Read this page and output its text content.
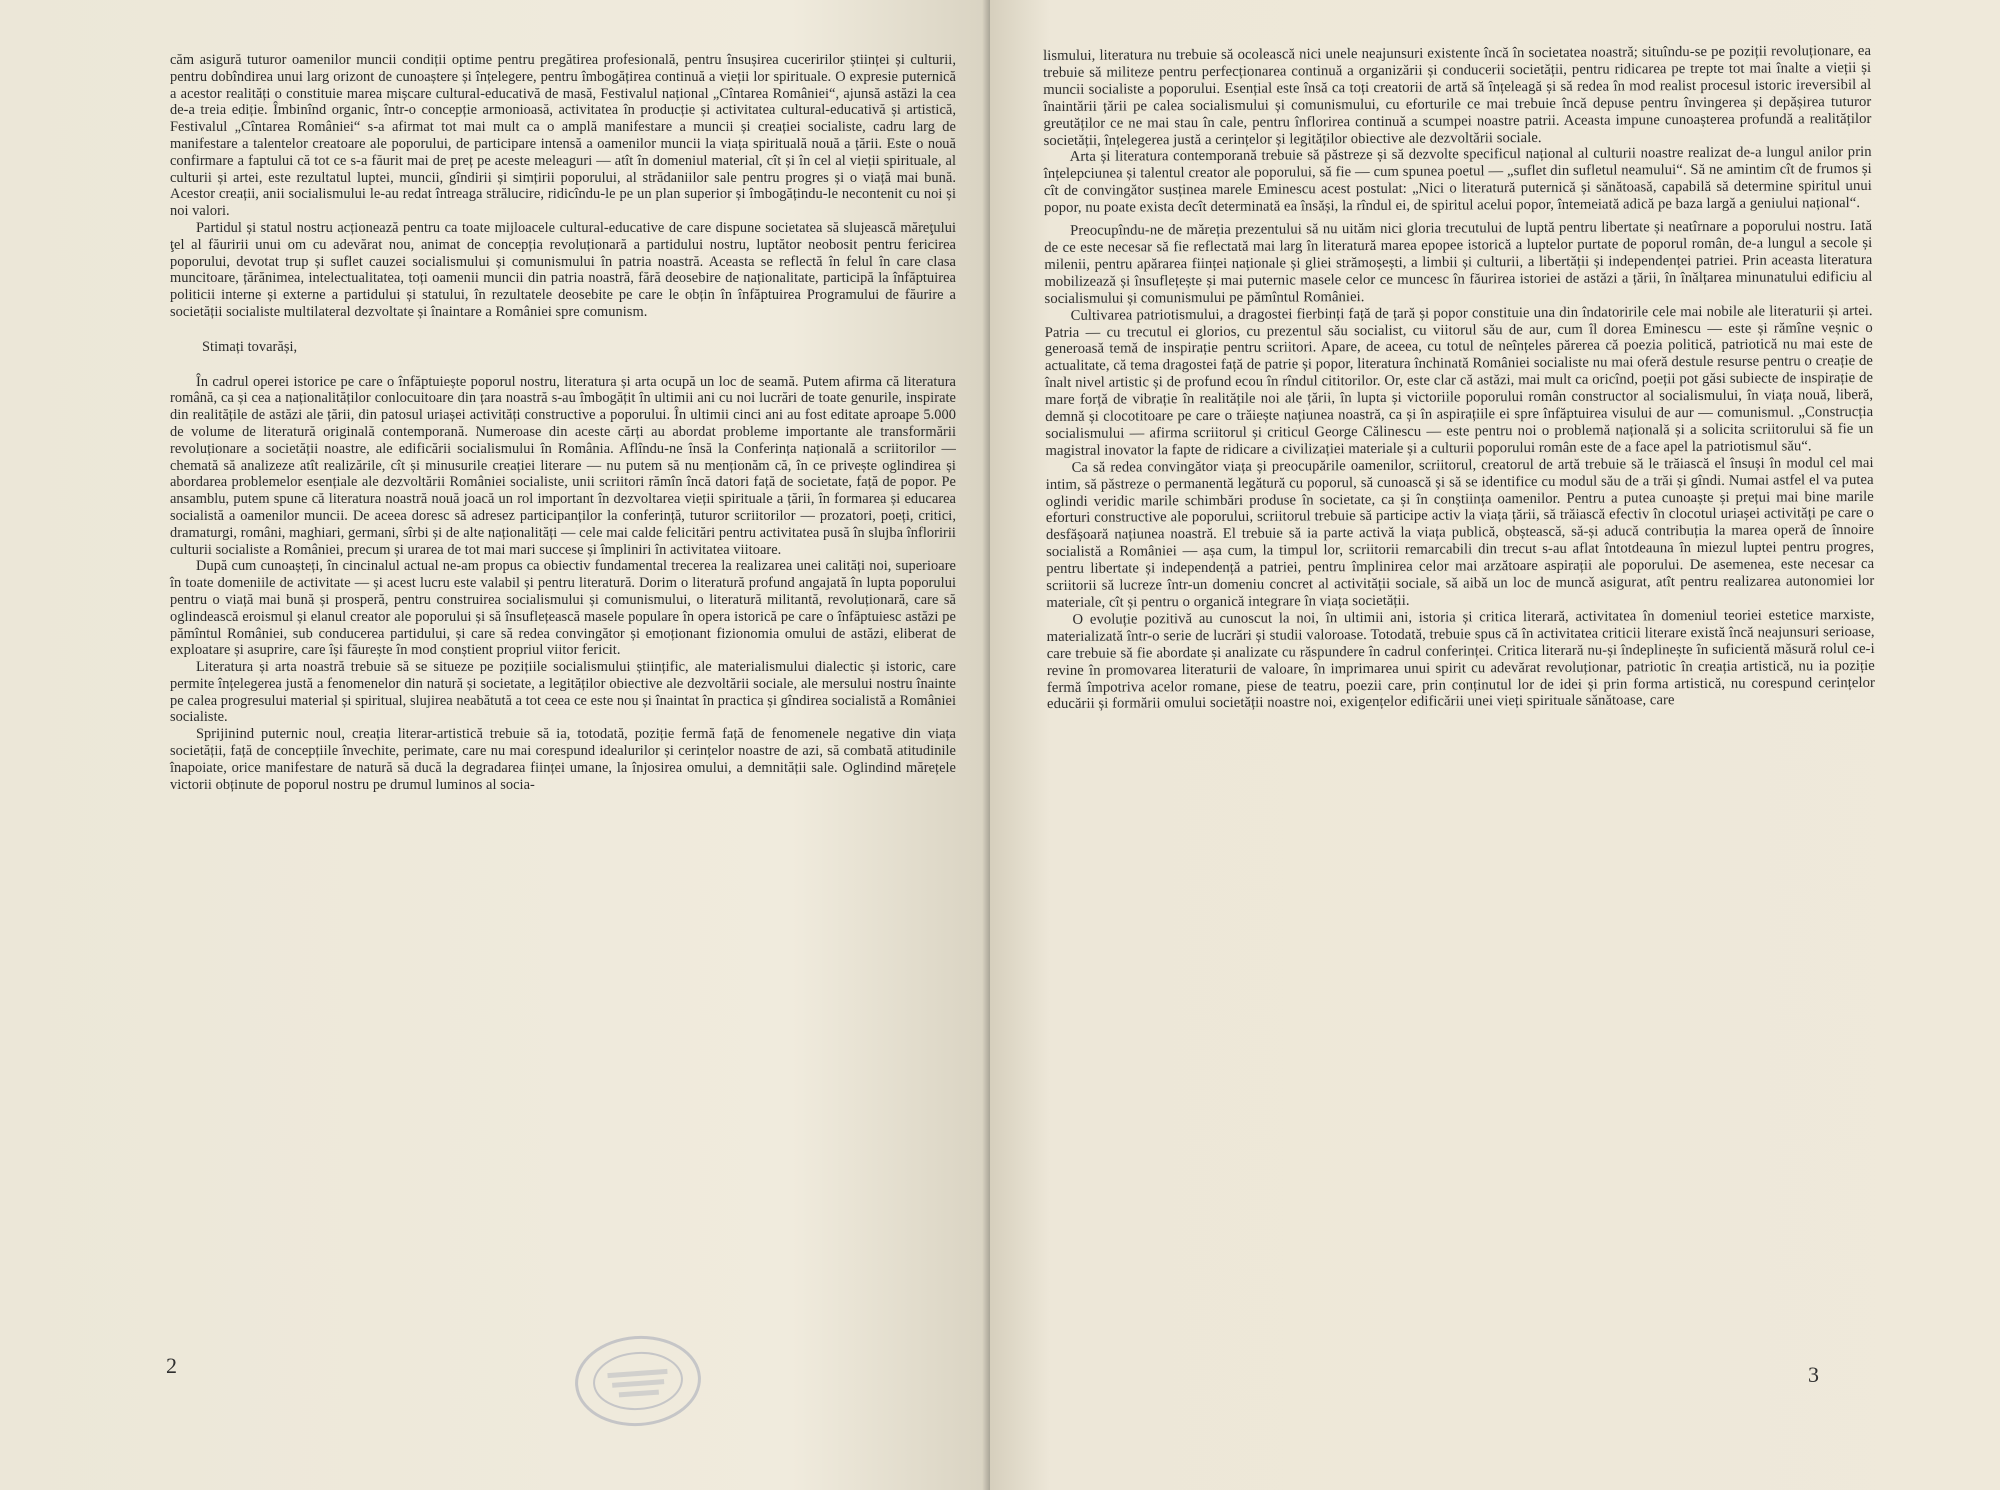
căm asigură tuturor oamenilor muncii condiții optime pentru pregătirea profesională, pentru însușirea cuceririlor științei și culturii, pentru dobîndirea unui larg orizont de cunoaștere și înțelegere, pentru îmbogățirea continuă a vieții lor spirituale. O expresie puternică a acestor realități o constituie marea mișcare cultural-educativă de masă, Festivalul național „Cîntarea României“, ajunsă astăzi la cea de-a treia ediție. Îmbinînd organic, într-o concepție armonioasă, activitatea în producție și activitatea cultural-educativă și artistică, Festivalul „Cîntarea României“ s-a afirmat tot mai mult ca o amplă manifestare a muncii și creației socialiste, cadru larg de manifestare a talentelor creatoare ale poporului, de participare intensă a oamenilor muncii la viața spirituală nouă a țării. Este o nouă confirmare a faptului că tot ce s-a făurit mai de preț pe aceste meleaguri — atît în domeniul material, cît și în cel al vieții spirituale, al culturii și artei, este rezultatul luptei, muncii, gîndirii și simțirii poporului, al strădaniilor sale pentru progres și o viață mai bună. Acestor creații, anii socialismului le-au redat întreaga strălucire, ridicîndu-le pe un plan superior și îmbogățindu-le necontenit cu noi și noi valori.

Partidul și statul nostru acționează pentru ca toate mijloacele cultural-educative de care dispune societatea să slujească măreţului ţel al făuririi unui om cu adevărat nou, animat de concepția revoluționară a partidului nostru, luptător neobosit pentru fericirea poporului, devotat trup și suflet cauzei socialismului și comunismului în patria noastră. Aceasta se reflectă în felul în care clasa muncitoare, țărănimea, intelectualitatea, toți oamenii muncii din patria noastră, fără deosebire de naționalitate, participă la înfăptuirea politicii interne și externe a partidului și statului, în rezultatele deosebite pe care le obțin în înfăptuirea Programului de făurire a societății socialiste multilateral dezvoltate și înaintare a României spre comunism.

Stimați tovarăși,

În cadrul operei istorice pe care o înfăptuiește poporul nostru, literatura și arta ocupă un loc de seamă. Putem afirma că literatura română, ca și cea a naționalităților conlocuitoare din țara noastră s-au îmbogățit în ultimii ani cu noi lucrări de toate genurile, inspirate din realitățile de astăzi ale țării, din patosul uriașei activități constructive a poporului. În ultimii cinci ani au fost editate aproape 5.000 de volume de literatură originală contemporană. Numeroase din aceste cărți au abordat probleme importante ale transformării revoluționare a societății noastre, ale edificării socialismului în România. Aflîndu-ne însă la Conferința națională a scriitorilor — chemată să analizeze atît realizările, cît și minusurile creației literare — nu putem să nu menționăm că, în ce privește oglindirea și abordarea problemelor esențiale ale dezvoltării României socialiste, unii scriitori rămîn încă datori față de societate, față de popor. Pe ansamblu, putem spune că literatura noastră nouă joacă un rol important în dezvoltarea vieții spirituale a țării, în formarea și educarea socialistă a oamenilor muncii. De aceea doresc să adresez participanților la conferință, tuturor scriitorilor — prozatori, poeți, critici, dramaturgi, români, maghiari, germani, sîrbi și de alte naționalități — cele mai calde felicitări pentru activitatea pusă în slujba înfloririi culturii socialiste a României, precum și urarea de tot mai mari succese și împliniri în activitatea viitoare.

După cum cunoașteți, în cincinalul actual ne-am propus ca obiectiv fundamental trecerea la realizarea unei calități noi, superioare în toate domeniile de activitate — și acest lucru este valabil și pentru literatură. Dorim o literatură profund angajată în lupta poporului pentru o viață mai bună și prosperă, pentru construirea socialismului și comunismului, o literatură militantă, revoluționară, care să oglindească eroismul și elanul creator ale poporului și să însuflețească masele populare în opera istorică pe care o înfăptuiesc astăzi pe pămîntul României, sub conducerea partidului, și care să redea convingător și emoționant fizionomia omului de astăzi, eliberat de exploatare și asuprire, care își făurește în mod conștient propriul viitor fericit.

Literatura și arta noastră trebuie să se situeze pe pozițiile socialismului științific, ale materialismului dialectic și istoric, care permite înțelegerea justă a fenomenelor din natură și societate, a legităților obiective ale dezvoltării sociale, ale mersului nostru înainte pe calea progresului material și spiritual, slujirea neabătută a tot ceea ce este nou și înaintat în practica și gîndirea socialistă a României socialiste.

Sprijinind puternic noul, creația literar-artistică trebuie să ia, totodată, poziție fermă față de fenomenele negative din viața societății, față de concepțiile învechite, perimate, care nu mai corespund idealurilor și cerințelor noastre de azi, să combată atitudinile înapoiate, orice manifestare de natură să ducă la degradarea ființei umane, la înjosirea omului, a demnității sale. Oglindind mărețele victorii obținute de poporul nostru pe drumul luminos al socia-

2

lismului, literatura nu trebuie să ocolească nici unele neajunsuri existente încă în societatea noastră; situîndu-se pe poziții revoluționare, ea trebuie să militeze pentru perfecționarea continuă a organizării și conducerii societății, pentru ridicarea pe trepte tot mai înalte a vieții și muncii socialiste a poporului. Esențial este însă ca toți creatorii de artă să înțeleagă și să redea în mod realist procesul istoric ireversibil al înaintării țării pe calea socialismului și comunismului, cu eforturile ce mai trebuie încă depuse pentru învingerea și depășirea tuturor greutăților ce ne mai stau în cale, pentru înflorirea continuă a scumpei noastre patrii. Aceasta impune cunoașterea profundă a realităților societății, înțelegerea justă a cerințelor și legităților obiective ale dezvoltării sociale.

Arta și literatura contemporană trebuie să păstreze și să dezvolte specificul național al culturii noastre realizat de-a lungul anilor prin înțelepciunea și talentul creator ale poporului, să fie — cum spunea poetul — „suflet din sufletul neamului“. Să ne amintim cît de frumos și cît de convingător susținea marele Eminescu acest postulat: „Nici o literatură puternică și sănătoasă, capabilă să determine spiritul unui popor, nu poate exista decît determinată ea însăși, la rîndul ei, de spiritul acelui popor, întemeiată adică pe baza largă a geniului național“.

Preocupîndu-ne de măreția prezentului să nu uităm nici gloria trecutului de luptă pentru libertate și neatîrnare a poporului nostru. Iată de ce este necesar să fie reflectată mai larg în literatură marea epopee istorică a luptelor purtate de poporul român, de-a lungul a secole și milenii, pentru apărarea ființei naționale și gliei strămoșești, a limbii și culturii, a libertății și independenței patriei. Prin aceasta literatura mobilizează și însuflețește și mai puternic masele celor ce muncesc în făurirea istoriei de astăzi a țării, în înălțarea minunatului edificiu al socialismului și comunismului pe pămîntul României.

Cultivarea patriotismului, a dragostei fierbinți față de țară și popor constituie una din îndatoririle cele mai nobile ale literaturii și artei. Patria — cu trecutul ei glorios, cu prezentul său socialist, cu viitorul său de aur, cum îl dorea Eminescu — este și rămîne veșnic o generoasă temă de inspirație pentru scriitori. Apare, de aceea, cu totul de neînțeles părerea că poezia politică, patriotică nu mai este de actualitate, că tema dragostei față de patrie și popor, literatura închinată României socialiste nu mai oferă destule resurse pentru o creație de înalt nivel artistic și de profund ecou în rîndul cititorilor. Or, este clar că astăzi, mai mult ca oricînd, poeții pot găsi subiecte de inspirație de mare forță de vibrație în realitățile noi ale țării, în lupta și victoriile poporului român constructor al socialismului, în viața nouă, liberă, demnă și clocotitoare pe care o trăiește națiunea noastră, ca și în aspirațiile ei spre înfăptuirea visului de aur — comunismul. „Construcția socialismului — afirma scriitorul și criticul George Călinescu — este pentru noi o problemă națională și a solicita scriitorului să fie un magistral inovator la fapte de ridicare a civilizației materiale și a culturii poporului român este de a face apel la patriotismul său“.

Ca să redea convingător viața și preocupările oamenilor, scriitorul, creatorul de artă trebuie să le trăiască el însuși în modul cel mai intim, să păstreze o permanentă legătură cu poporul, să cunoască și să se identifice cu modul său de a trăi și gîndi. Numai astfel el va putea oglindi veridic marile schimbări produse în societate, ca și în conștiința oamenilor. Pentru a putea cunoaște și prețui mai bine marile eforturi constructive ale poporului, scriitorul trebuie să participe activ la viața țării, să trăiască efectiv în clocotul uriașei activități pe care o desfășoară națiunea noastră. El trebuie să ia parte activă la viața publică, obștească, să-și aducă contribuția la marea operă de înnoire socialistă a României — așa cum, la timpul lor, scriitorii remarcabili din trecut s-au aflat întotdeauna în miezul luptei pentru progres, pentru libertate și independență a patriei, pentru împlinirea celor mai arzătoare aspirații ale poporului. De asemenea, este necesar ca scriitorii să lucreze într-un domeniu concret al activității sociale, să aibă un loc de muncă asigurat, atît pentru realizarea autonomiei lor materiale, cît și pentru o organică integrare în viața societății.

O evoluție pozitivă au cunoscut la noi, în ultimii ani, istoria și critica literară, activitatea în domeniul teoriei estetice marxiste, materializată într-o serie de lucrări și studii valoroase. Totodată, trebuie spus că în activitatea criticii literare există încă neajunsuri serioase, care trebuie să fie abordate și analizate cu răspundere în cadrul conferinței. Critica literară nu-și îndeplinește în suficientă măsură rolul ce-i revine în promovarea literaturii de valoare, în imprimarea unui spirit cu adevărat revoluționar, patriotic în creația artistică, nu ia poziție fermă împotriva acelor romane, piese de teatru, poezii care, prin conținutul lor de idei și prin forma artistică, nu corespund cerințelor educării și formării omului societății noastre noi, exigențelor edificării unei vieți spirituale sănătoase, care

3
